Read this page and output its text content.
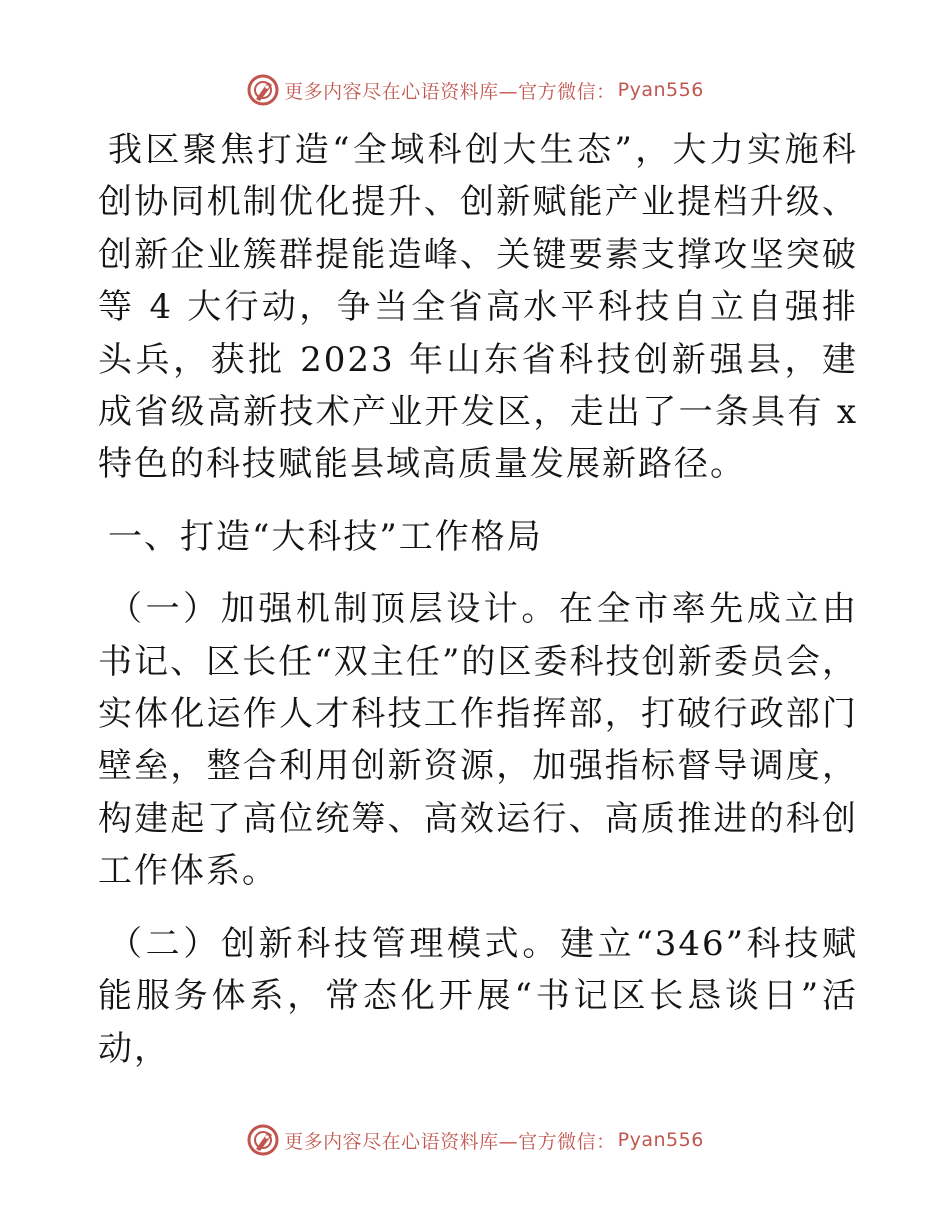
更多内容尽在心语资料库—官方微信： Pyan556

我区聚焦打造“全域科创大生态”，大力实施科创协同机制优化提升、创新赋能产业提档升级、创新企业簇群提能造峰、关键要素支撑攻坚突破等 4 大行动，争当全省高水平科技自立自强排头兵，获批 2023 年山东省科技创新强县，建成省级高新技术产业开发区，走出了一条具有 x 特色的科技赋能县域高质量发展新路径。

一、打造“大科技”工作格局

（一）加强机制顶层设计。在全市率先成立由书记、区长任“双主任”的区委科技创新委员会，实体化运作人才科技工作指挥部，打破行政部门壁垒，整合利用创新资源，加强指标督导调度，构建起了高位统筹、高效运行、高质推进的科创工作体系。

（二）创新科技管理模式。建立“346”科技赋能服务体系，常态化开展“书记区长恳谈日”活动，

更多内容尽在心语资料库—官方微信： Pyan556
